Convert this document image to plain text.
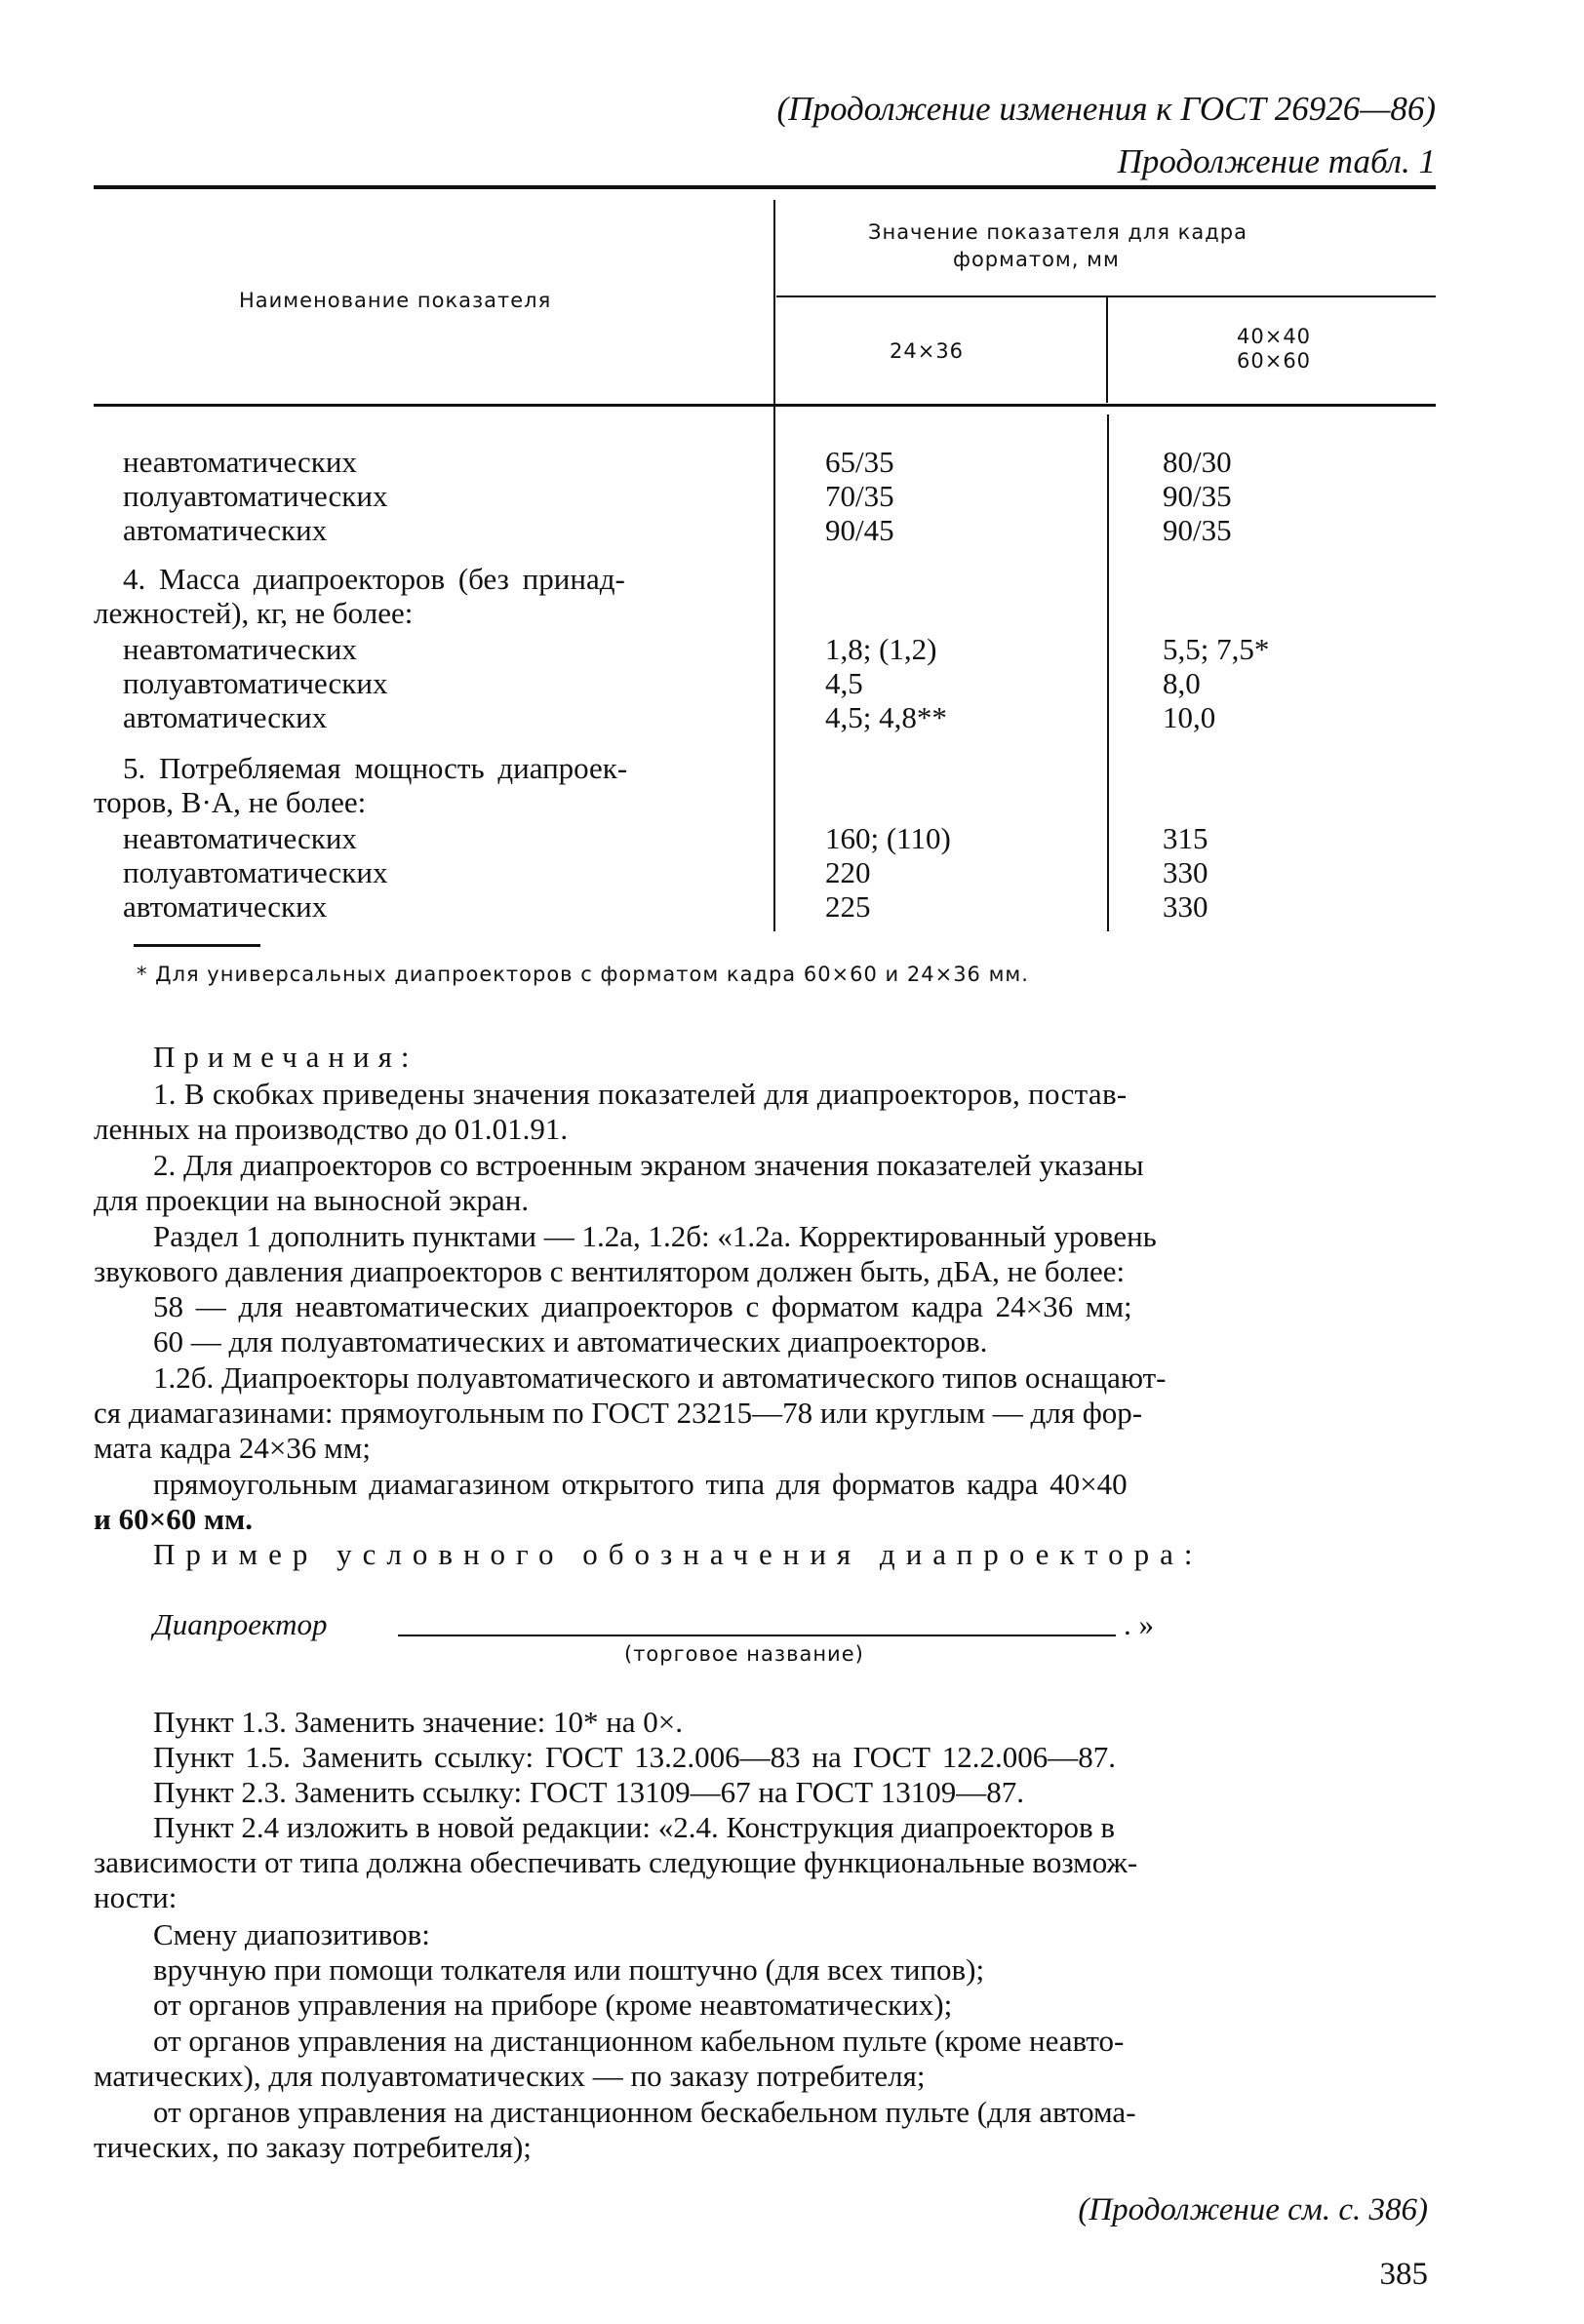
(Продолжение изменения к ГОСТ 26926—86)
Продолжение табл. 1
Наименование показателя
Значение показателя для кадра
форматом, мм
24×36
40×40
60×60
неавтоматических	65/35	80/30
полуавтоматических	70/35	90/35
автоматических	90/45	90/35
4. Масса диапроекторов (без принад-
лежностей), кг, не более:
неавтоматических	1,8; (1,2)	5,5; 7,5*
полуавтоматических	4,5	8,0
автоматических	4,5; 4,8**	10,0
5. Потребляемая мощность диапроек-
торов, В·А, не более:
неавтоматических	160; (110)	315
полуавтоматических	220	330
автоматических	225	330
* Для универсальных диапроекторов с форматом кадра 60×60 и 24×36 мм.
Примечания:
1. В скобках приведены значения показателей для диапроекторов, постав-
ленных на производство до 01.01.91.
2. Для диапроекторов со встроенным экраном значения показателей указаны
для проекции на выносной экран.
Раздел 1 дополнить пунктами — 1.2а, 1.2б: «1.2а. Корректированный уровень
звукового давления диапроекторов с вентилятором должен быть, дБА, не более:
58 — для неавтоматических диапроекторов с форматом кадра 24×36 мм;
60 — для полуавтоматических и автоматических диапроекторов.
1.2б. Диапроекторы полуавтоматического и автоматического типов оснащают-
ся диамагазинами: прямоугольным по ГОСТ 23215—78 или круглым — для фор-
мата кадра 24×36 мм;
прямоугольным диамагазином открытого типа для форматов кадра 40×40
и 60×60 мм.
Пример условного обозначения диапроектора:
Диапроектор	. »
(торговое название)
Пункт 1.3. Заменить значение: 10* на 0×.
Пункт 1.5. Заменить ссылку: ГОСТ 13.2.006—83 на ГОСТ 12.2.006—87.
Пункт 2.3. Заменить ссылку: ГОСТ 13109—67 на ГОСТ 13109—87.
Пункт 2.4 изложить в новой редакции: «2.4. Конструкция диапроекторов в
зависимости от типа должна обеспечивать следующие функциональные возмож-
ности:
Смену диапозитивов:
вручную при помощи толкателя или поштучно (для всех типов);
от органов управления на приборе (кроме неавтоматических);
от органов управления на дистанционном кабельном пульте (кроме неавто-
матических), для полуавтоматических — по заказу потребителя;
от органов управления на дистанционном бескабельном пульте (для автома-
тических, по заказу потребителя);
(Продолжение см. с. 386)
385
